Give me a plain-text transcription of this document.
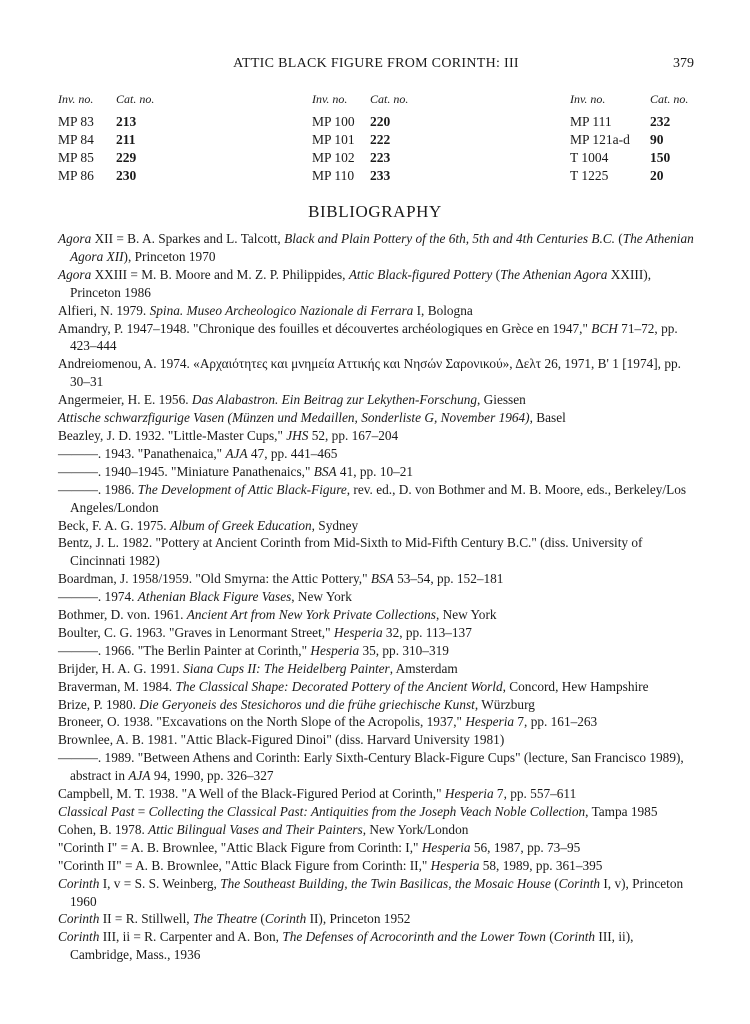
ATTIC BLACK FIGURE FROM CORINTH: III	379
Inv. no. Cat. no.
MP 83 213
MP 84 211
MP 85 229
MP 86 230
Inv. no. Cat. no.
MP 100 220
MP 101 222
MP 102 223
MP 110 233
Inv. no.	Cat. no.
MP 111	232
MP 121a-d 90
T 1004	150
T 1225	20
BIBLIOGRAPHY
Agora XII = B. A. Sparkes and L. Talcott, Black and Plain Pottery of the 6th, 5th and 4th Centuries B.C. (The Athenian Agora XII), Princeton 1970
Agora XXIII = M. B. Moore and M. Z. P. Philippides, Attic Black-figured Pottery (The Athenian Agora XXIII), Princeton 1986
Alfieri, N. 1979. Spina. Museo Archeologico Nazionale di Ferrara I, Bologna
Amandry, P. 1947–1948. "Chronique des fouilles et découvertes archéologiques en Grèce en 1947," BCH 71–72, pp. 423–444
Andreiomenou, A. 1974. «Αρχαιότητες και μνημεία Αττικής και Νησών Σαρονικού», Δελτ 26, 1971, Β' 1 [1974], pp. 30–31
Angermeier, H. E. 1956. Das Alabastron. Ein Beitrag zur Lekythen-Forschung, Giessen
Attische schwarzfigurige Vasen (Münzen und Medaillen, Sonderliste G, November 1964), Basel
Beazley, J. D. 1932. "Little-Master Cups," JHS 52, pp. 167–204
———. 1943. "Panathenaica," AJA 47, pp. 441–465
———. 1940–1945. "Miniature Panathenaics," BSA 41, pp. 10–21
———. 1986. The Development of Attic Black-Figure, rev. ed., D. von Bothmer and M. B. Moore, eds., Berkeley/Los Angeles/London
Beck, F. A. G. 1975. Album of Greek Education, Sydney
Bentz, J. L. 1982. "Pottery at Ancient Corinth from Mid-Sixth to Mid-Fifth Century B.C." (diss. University of Cincinnati 1982)
Boardman, J. 1958/1959. "Old Smyrna: the Attic Pottery," BSA 53–54, pp. 152–181
———. 1974. Athenian Black Figure Vases, New York
Bothmer, D. von. 1961. Ancient Art from New York Private Collections, New York
Boulter, C. G. 1963. "Graves in Lenormant Street," Hesperia 32, pp. 113–137
———. 1966. "The Berlin Painter at Corinth," Hesperia 35, pp. 310–319
Brijder, H. A. G. 1991. Siana Cups II: The Heidelberg Painter, Amsterdam
Braverman, M. 1984. The Classical Shape: Decorated Pottery of the Ancient World, Concord, Hew Hampshire
Brize, P. 1980. Die Geryoneis des Stesichoros und die frühe griechische Kunst, Würzburg
Broneer, O. 1938. "Excavations on the North Slope of the Acropolis, 1937," Hesperia 7, pp. 161–263
Brownlee, A. B. 1981. "Attic Black-Figured Dinoi" (diss. Harvard University 1981)
———. 1989. "Between Athens and Corinth: Early Sixth-Century Black-Figure Cups" (lecture, San Francisco 1989), abstract in AJA 94, 1990, pp. 326–327
Campbell, M. T. 1938. "A Well of the Black-Figured Period at Corinth," Hesperia 7, pp. 557–611
Classical Past = Collecting the Classical Past: Antiquities from the Joseph Veach Noble Collection, Tampa 1985
Cohen, B. 1978. Attic Bilingual Vases and Their Painters, New York/London
"Corinth I" = A. B. Brownlee, "Attic Black Figure from Corinth: I," Hesperia 56, 1987, pp. 73–95
"Corinth II" = A. B. Brownlee, "Attic Black Figure from Corinth: II," Hesperia 58, 1989, pp. 361–395
Corinth I, v = S. S. Weinberg, The Southeast Building, the Twin Basilicas, the Mosaic House (Corinth I, v), Princeton 1960
Corinth II = R. Stillwell, The Theatre (Corinth II), Princeton 1952
Corinth III, ii = R. Carpenter and A. Bon, The Defenses of Acrocorinth and the Lower Town (Corinth III, ii), Cambridge, Mass., 1936
